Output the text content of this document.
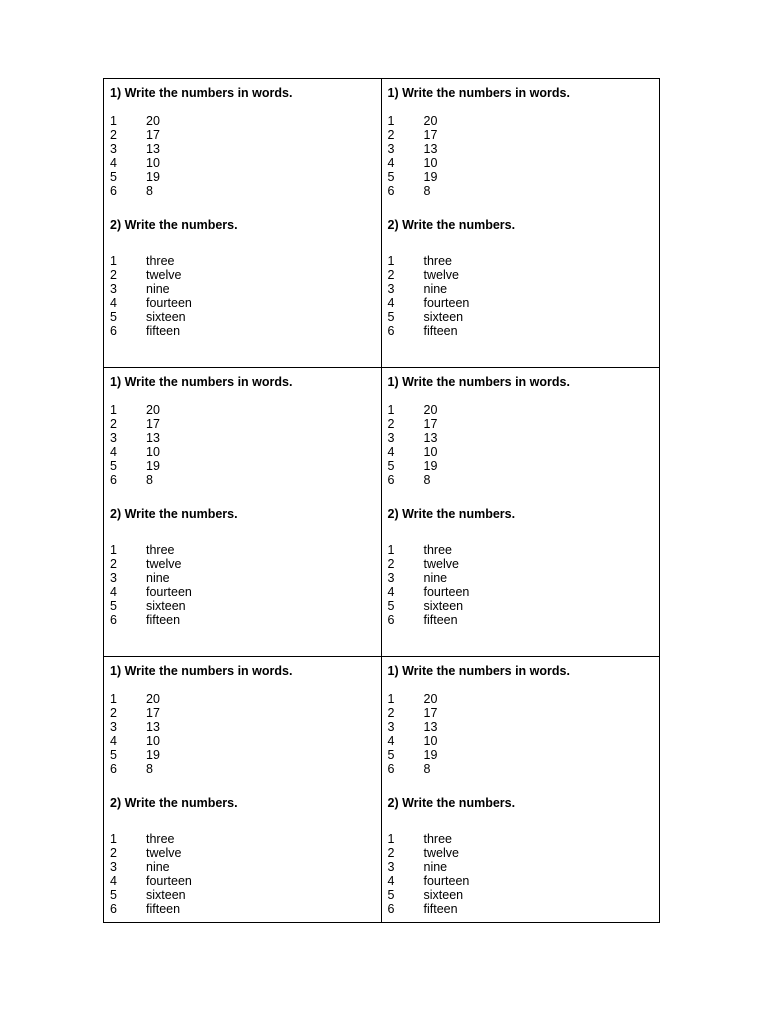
1) Write the numbers in words.

1	20
2	17
3	13
4	10
5	19
6	8

2) Write the numbers.

1	three
2	twelve
3	nine
4	fourteen
5	sixteen
6	fifteen

1) Write the numbers in words.

1	20
2	17
3	13
4	10
5	19
6	8

2) Write the numbers.

1	three
2	twelve
3	nine
4	fourteen
5	sixteen
6	fifteen

1) Write the numbers in words.

1	20
2	17
3	13
4	10
5	19
6	8

2) Write the numbers.

1	three
2	twelve
3	nine
4	fourteen
5	sixteen
6	fifteen

1) Write the numbers in words.

1	20
2	17
3	13
4	10
5	19
6	8

2) Write the numbers.

1	three
2	twelve
3	nine
4	fourteen
5	sixteen
6	fifteen

1) Write the numbers in words.

1	20
2	17
3	13
4	10
5	19
6	8

2) Write the numbers.

1	three
2	twelve
3	nine
4	fourteen
5	sixteen
6	fifteen

1) Write the numbers in words.

1	20
2	17
3	13
4	10
5	19
6	8

2) Write the numbers.

1	three
2	twelve
3	nine
4	fourteen
5	sixteen
6	fifteen
